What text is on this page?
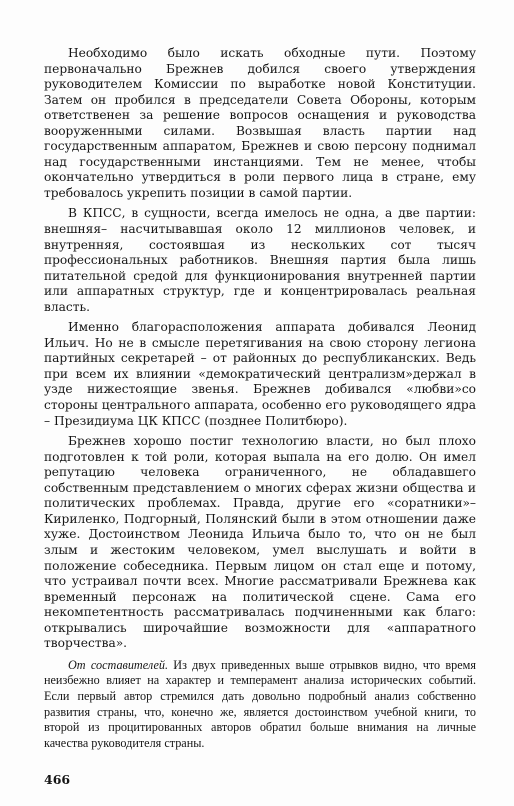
Необходимо было искать обходные пути. Поэтому первоначально Брежнев добился своего утверждения руководителем Комиссии по выработке новой Конституции. Затем он пробился в председатели Совета Обороны, которым ответственен за решение вопросов оснащения и руководства вооруженными силами. Возвышая власть партии над государственным аппаратом, Брежнев и свою персону поднимал над государственными инстанциями. Тем не менее, чтобы окончательно утвердиться в роли первого лица в стране, ему требовалось укрепить позиции в самой партии.

В КПСС, в сущности, всегда имелось не одна, а две партии: внешняя– насчитывавшая около 12 миллионов человек, и внутренняя, состоявшая из нескольких сот тысяч профессиональных работников. Внешняя партия была лишь питательной средой для функционирования внутренней партии или аппаратных структур, где и концентрировалась реальная власть.

Именно благорасположения аппарата добивался Леонид Ильич. Но не в смысле перетягивания на свою сторону легиона партийных секретарей – от районных до республиканских. Ведь при всем их влиянии «демократический централизм»держал в узде нижестоящие звенья. Брежнев добивался «любви»со стороны центрального аппарата, особенно его руководящего ядра – Президиума ЦК КПСС (позднее Политбюро).

Брежнев хорошо постиг технологию власти, но был плохо подготовлен к той роли, которая выпала на его долю. Он имел репутацию человека ограниченного, не обладавшего собственным представлением о многих сферах жизни общества и политических проблемах. Правда, другие его «соратники»– Кириленко, Подгорный, Полянский были в этом отношении даже хуже. Достоинством Леонида Ильича было то, что он не был злым и жестоким человеком, умел выслушать и войти в положение собеседника. Первым лицом он стал еще и потому, что устраивал почти всех. Многие рассматривали Брежнева как временный персонаж на политической сцене. Сама его некомпетентность рассматривалась подчиненными как благо: открывались широчайшие возможности для «аппаратного творчества».

От составителей. Из двух приведенных выше отрывков видно, что время неизбежно влияет на характер и темперамент анализа исторических событий. Если первый автор стремился дать довольно подробный анализ собственно развития страны, что, конечно же, является достоинством учебной книги, то второй из процитированных авторов обратил больше внимания на личные качества руководителя страны.

466
